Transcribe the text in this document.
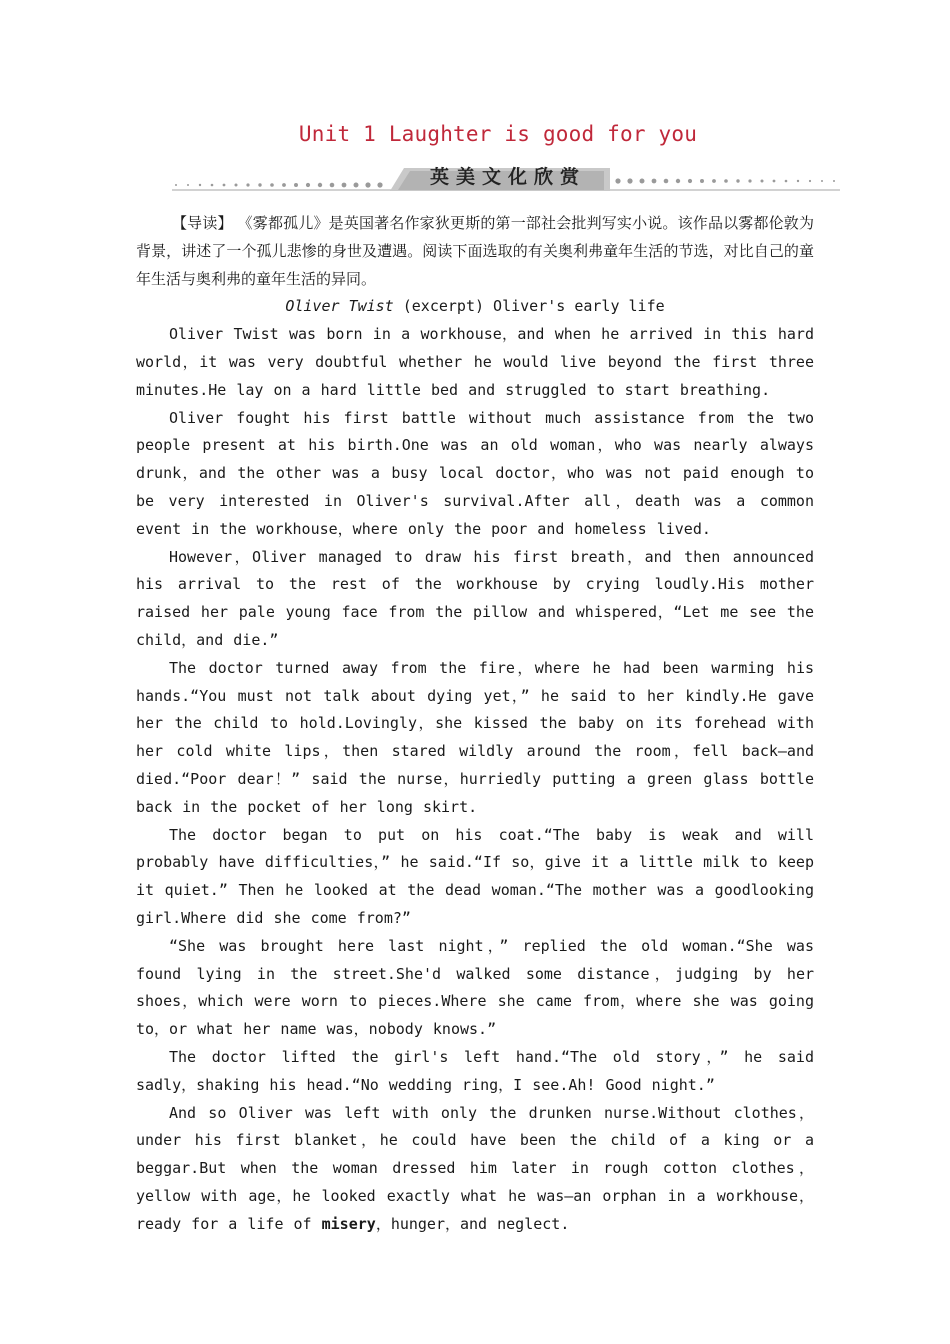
Unit 1 Laughter is good for you
英美文化欣赏

【导读】 《雾都孤儿》是英国著名作家狄更斯的第一部社会批判写实小说。该作品以雾都伦敦为背景，讲述了一个孤儿悲惨的身世及遭遇。阅读下面选取的有关奥利弗童年生活的节选，对比自己的童年生活与奥利弗的童年生活的异同。

Oliver Twist (excerpt) Oliver's early life

Oliver Twist was born in a workhouse，and when he arrived in this hard world，it was very doubtful whether he would live beyond the first three minutes.He lay on a hard little bed and struggled to start breathing.

Oliver fought his first battle without much assistance from the two people present at his birth.One was an old woman，who was nearly always drunk，and the other was a busy local doctor，who was not paid enough to be very interested in Oliver's survival.After all，death was a common event in the workhouse，where only the poor and homeless lived.

However，Oliver managed to draw his first breath，and then announced his arrival to the rest of the workhouse by crying loudly.His mother raised her pale young face from the pillow and whispered，“Let me see the child，and die.”

The doctor turned away from the fire，where he had been warming his hands.“You must not talk about dying yet，” he said to her kindly.He gave her the child to hold.Lovingly，she kissed the baby on its forehead with her cold white lips，then stared wildly around the room，fell back—and died.“Poor dear！” said the nurse，hurriedly putting a green glass bottle back in the pocket of her long skirt.

The doctor began to put on his coat.“The baby is weak and will probably have difficulties，” he said.“If so，give it a little milk to keep it quiet.” Then he looked at the dead woman.“The mother was a goodlooking girl.Where did she come from?”

“She was brought here last night，” replied the old woman.“She was found lying in the street.She'd walked some distance，judging by her shoes，which were worn to pieces.Where she came from，where she was going to，or what her name was，nobody knows.”

The doctor lifted the girl's left hand.“The old story，” he said sadly，shaking his head.“No wedding ring，I see.Ah! Good night.”

And so Oliver was left with only the drunken nurse.Without clothes，under his first blanket，he could have been the child of a king or a beggar.But when the woman dressed him later in rough cotton clothes，yellow with age，he looked exactly what he was—an orphan in a workhouse，ready for a life of misery，hunger，and neglect.
